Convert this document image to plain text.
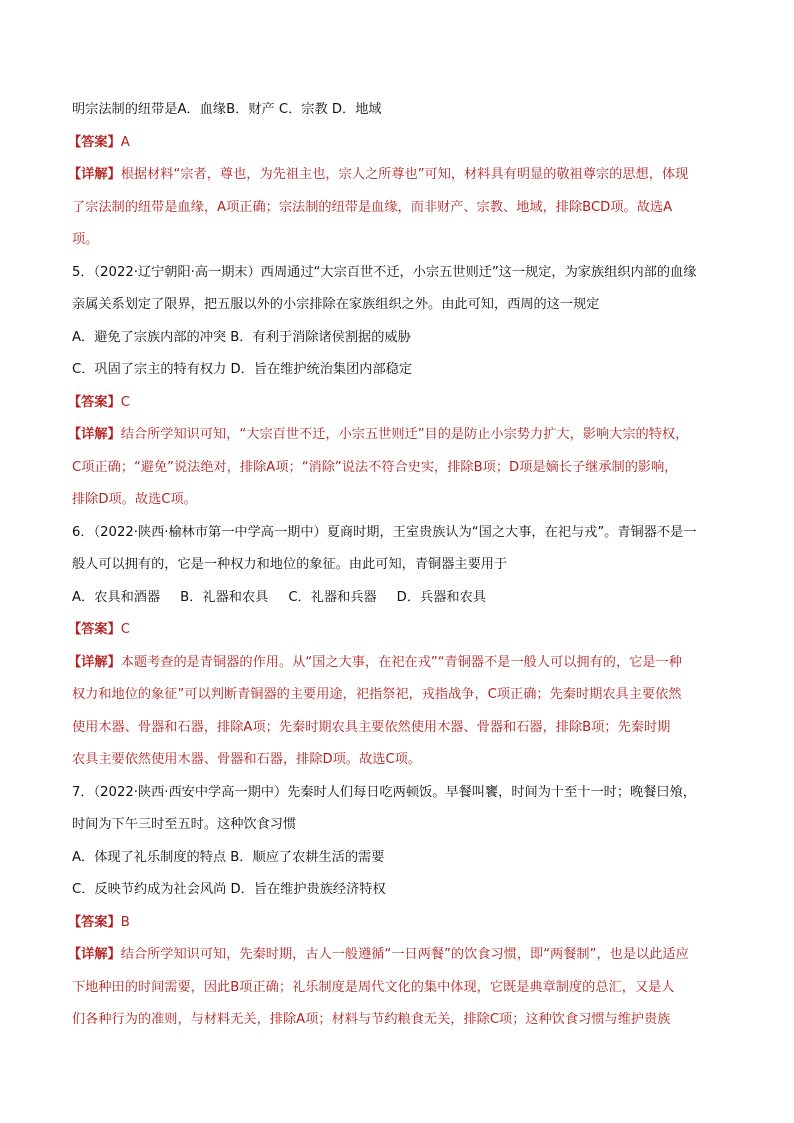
明宗法制的纽带是A．血缘B．财产 C．宗教 D．地域
【答案】A
【详解】根据材料“宗者，尊也，为先祖主也，宗人之所尊也”可知，材料具有明显的敬祖尊宗的思想，体现
了宗法制的纽带是血缘，A项正确；宗法制的纽带是血缘，而非财产、宗教、地域，排除BCD项。故选A
项。
5．（2022·辽宁朝阳·高一期末）西周通过“大宗百世不迁，小宗五世则迁”这一规定，为家族组织内部的血缘
亲属关系划定了限界，把五服以外的小宗排除在家族组织之外。由此可知，西周的这一规定
A．避免了宗族内部的冲突 B．有利于消除诸侯割据的威胁
C．巩固了宗主的特有权力 D．旨在维护统治集团内部稳定
【答案】C
【详解】结合所学知识可知，“大宗百世不迁，小宗五世则迁”目的是防止小宗势力扩大，影响大宗的特权，
C项正确；“避免”说法绝对，排除A项；“消除”说法不符合史实，排除B项；D项是嫡长子继承制的影响，
排除D项。故选C项。
6．（2022·陕西·榆林市第一中学高一期中）夏商时期，王室贵族认为“国之大事，在祀与戎”。青铜器不是一
般人可以拥有的，它是一种权力和地位的象征。由此可知，青铜器主要用于
A．农具和酒器 B．礼器和农具 C．礼器和兵器 D．兵器和农具
【答案】C
【详解】本题考查的是青铜器的作用。从“国之大事，在祀在戎”“青铜器不是一般人可以拥有的，它是一种
权力和地位的象征”可以判断青铜器的主要用途，祀指祭祀，戎指战争，C项正确；先秦时期农具主要依然
使用木器、骨器和石器，排除A项；先秦时期农具主要依然使用木器、骨器和石器，排除B项；先秦时期
农具主要依然使用木器、骨器和石器，排除D项。故选C项。
7．（2022·陕西·西安中学高一期中）先秦时人们每日吃两顿饭。早餐叫饔，时间为十至十一时；晚餐曰飧，
时间为下午三时至五时。这种饮食习惯
A．体现了礼乐制度的特点 B．顺应了农耕生活的需要
C．反映节约成为社会风尚 D．旨在维护贵族经济特权
【答案】B
【详解】结合所学知识可知，先秦时期，古人一般遵循“一日两餐”的饮食习惯，即“两餐制”，也是以此适应
下地种田的时间需要，因此B项正确；礼乐制度是周代文化的集中体现，它既是典章制度的总汇，又是人
们各种行为的准则，与材料无关，排除A项；材料与节约粮食无关，排除C项；这种饮食习惯与维护贵族
